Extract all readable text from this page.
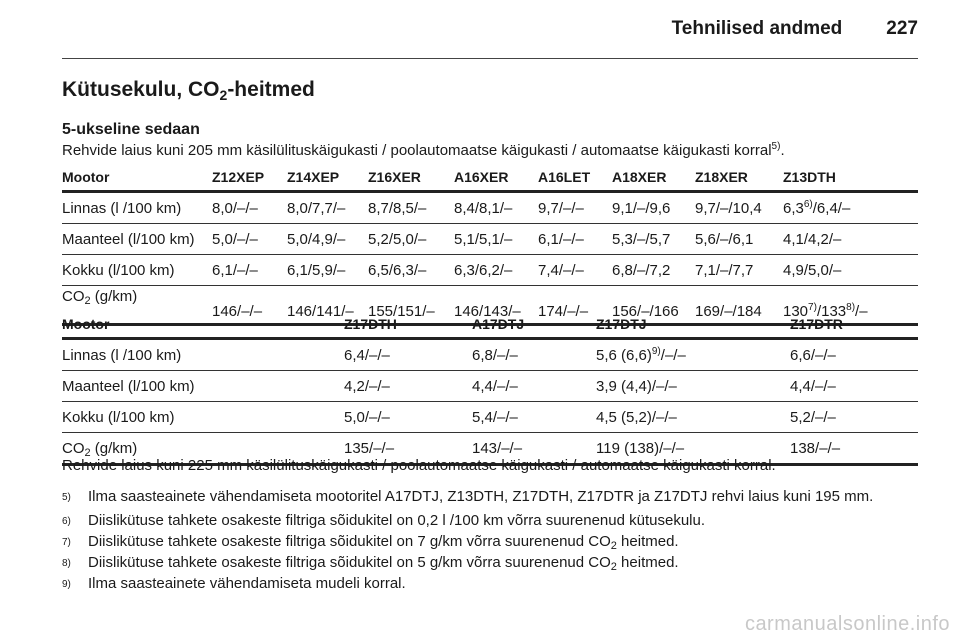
Tehnilised andmed 227
Kütusekulu, $CO_2$-heitmed
5-ukseline sedaan

Rehvide laius kuni 205 mm käsilülituskäigukasti / poolautomaatse käigukasti / automaatse käigukasti korral$^{5)}$.

Mootor	Z12XEP	Z14XEP	Z16XER	A16XER	A16LET	A18XER	Z18XER	Z13DTH
Linnas (l /100 km)	8,0/–/–	8,0/7,7/–	8,7/8,5/–	8,4/8,1/–	9,7/–/–	9,1/–/9,6	9,7/–/10,4	6,3$^{6)}$/6,4/–
Maanteel (l/100 km)	5,0/–/–	5,0/4,9/–	5,2/5,0/–	5,1/5,1/–	6,1/–/–	5,3/–/5,7	5,6/–/6,1	4,1/4,2/–
Kokku (l/100 km)	6,1/–/–	6,1/5,9/–	6,5/6,3/–	6,3/6,2/–	7,4/–/–	6,8/–/7,2	7,1/–/7,7	4,9/5,0/–
$CO_2$ (g/km)	146/–/–	146/141/–	155/151/–	146/143/–	174/–/–	156/–/166	169/–/184	130$^{7)}$/133$^{8)}$/–
Mootor	Z17DTH	A17DTJ	Z17DTJ	Z17DTR
Linnas (l /100 km)	6,4/–/–	6,8/–/–	5,6 $(6,6)^{9)}/-/-$	6,6/–/–
Maanteel (l/100 km)	4,2/–/–	4,4/–/–	3,9 (4,4)/–/–	4,4/–/–
Kokku (l/100 km)	5,0/–/–	5,4/–/–	4,5 (5,2)/–/–	5,2/–/–
$CO_2$ (g/km)	135/–/–	143/–/–	119 (138)/–/–	138/–/–

Rehvide laius kuni 225 mm käsilülituskäigukasti / poolautomaatse käigukasti / automaatse käigukasti korral.

5)	Ilma saasteainete vähendamiseta mootoritel A17DTJ, Z13DTH, Z17DTH, Z17DTR ja Z17DTJ rehvi laius kuni 195 mm.
6)	Diislikütuse tahkete osakeste filtriga sõidukitel on 0,2 l /100 km võrra suurenenud kütusekulu.
7)	Diislikütuse tahkete osakeste filtriga sõidukitel on 7 g/km võrra suurenenud $CO_2$ heitmed.
8)	Diislikütuse tahkete osakeste filtriga sõidukitel on 5 g/km võrra suurenenud $CO_2$ heitmed.
9)	Ilma saasteainete vähendamiseta mudeli korral.
carmanualsonline.info
